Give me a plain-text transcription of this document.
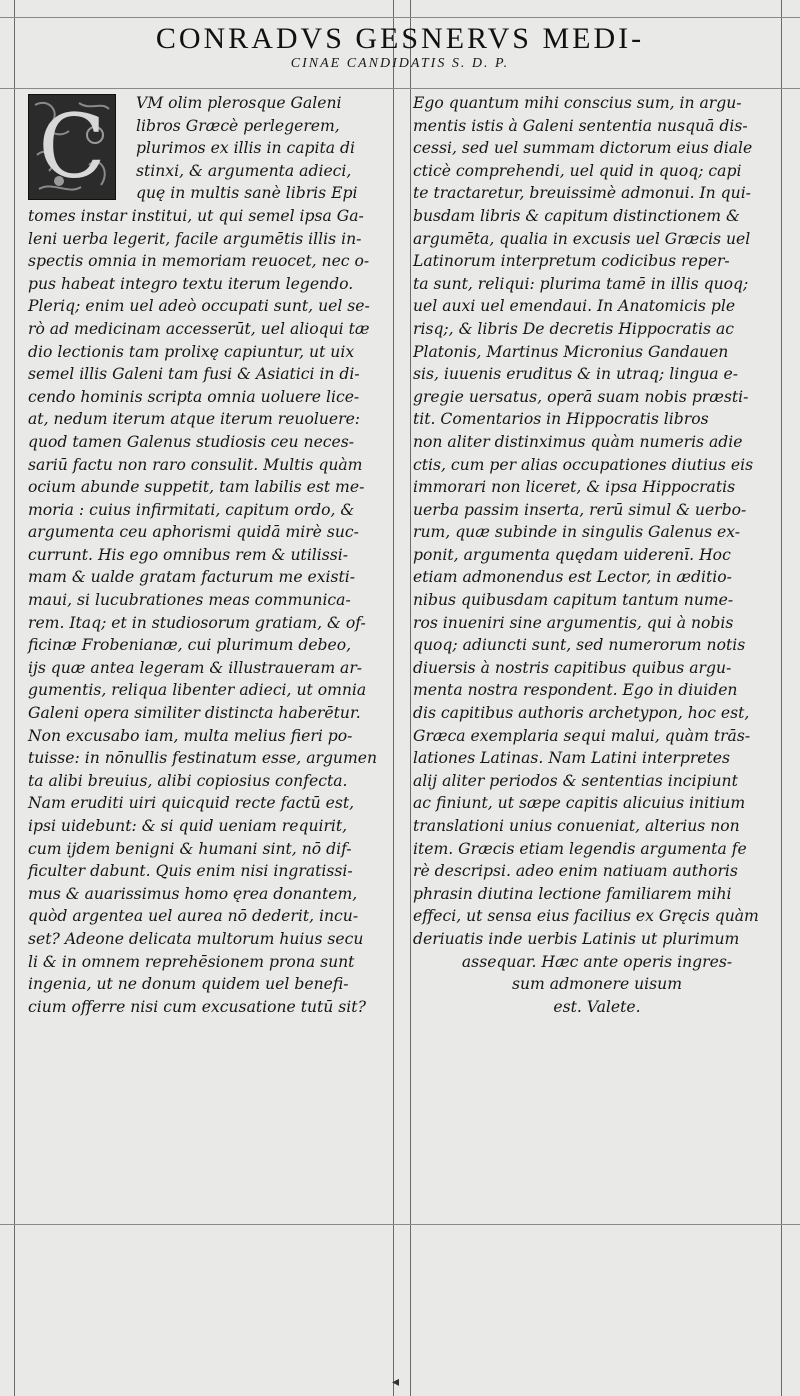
CONRADVS GESNERVS MEDI-
CINAE CANDIDATIS S. D. P.
C	VM olim plerosque Galeni
libros Græcè perlegerem,
plurimos ex illis in capita di
stinxi, & argumenta adieci,
quę in multis sanè libris Epi
tomes instar institui, ut qui semel ipsa Ga-
leni uerba legerit, facile argumētis illis in-
spectis omnia in memoriam reuocet, nec o-
pus habeat integro textu iterum legendo.
Pleriq; enim uel adeò occupati sunt, uel se-
rò ad medicinam accesserūt, uel alioqui tæ
dio lectionis tam prolixę capiuntur, ut uix
semel illis Galeni tam fusi & Asiatici in di-
cendo hominis scripta omnia uoluere lice-
at, nedum iterum atque iterum reuoluere:
quod tamen Galenus studiosis ceu neces-
sariū factu non raro consulit. Multis quàm
ocium abunde suppetit, tam labilis est me-
moria : cuius infirmitati, capitum ordo, &
argumenta ceu aphorismi quidā mirè suc-
currunt. His ego omnibus rem & utilissi-
mam & ualde gratam facturum me existi-
maui, si lucubrationes meas communica-
rem. Itaq; et in studiosorum gratiam, & of-
ficinæ Frobenianæ, cui plurimum debeo,
ijs quæ antea legeram & illustraueram ar-
gumentis, reliqua libenter adieci, ut omnia
Galeni opera similiter distincta haberētur.
Non excusabo iam, multa melius fieri po-
tuisse: in nōnullis festinatum esse, argumen
ta alibi breuius, alibi copiosius confecta.
Nam eruditi uiri quicquid recte factū est,
ipsi uidebunt: & si quid ueniam requirit,
cum ijdem benigni & humani sint, nō dif-
ficulter dabunt. Quis enim nisi ingratissi-
mus & auarissimus homo ęrea donantem,
quòd argentea uel aurea nō dederit, incu-
set? Adeone delicata multorum huius secu
li & in omnem reprehēsionem prona sunt
ingenia, ut ne donum quidem uel benefi-
cium offerre nisi cum excusatione tutū sit?
Ego quantum mihi conscius sum, in argu-
mentis istis à Galeni sententia nusquā dis-
cessi, sed uel summam dictorum eius diale
cticè comprehendi, uel quid in quoq; capi
te tractaretur, breuissimè admonui. In qui-
busdam libris & capitum distinctionem &
argumēta, qualia in excusis uel Græcis uel
Latinorum interpretum codicibus reper-
ta sunt, reliqui: plurima tamē in illis quoq;
uel auxi uel emendaui. In Anatomicis ple
risq;, & libris De decretis Hippocratis ac
Platonis, Martinus Micronius Gandauen
sis, iuuenis eruditus & in utraq; lingua e-
gregie uersatus, operā suam nobis præsti-
tit. Comentarios in Hippocratis libros
non aliter distinximus quàm numeris adie
ctis, cum per alias occupationes diutius eis
immorari non liceret, & ipsa Hippocratis
uerba passim inserta, rerū simul & uerbo-
rum, quæ subinde in singulis Galenus ex-
ponit, argumenta quędam uiderenī. Hoc
etiam admonendus est Lector, in æditio-
nibus quibusdam capitum tantum nume-
ros inueniri sine argumentis, qui à nobis
quoq; adiuncti sunt, sed numerorum notis
diuersis à nostris capitibus quibus argu-
menta nostra respondent. Ego in diuiden
dis capitibus authoris archetypon, hoc est,
Græca exemplaria sequi malui, quàm trās-
lationes Latinas. Nam Latini interpretes
alij aliter periodos & sententias incipiunt
ac finiunt, ut sæpe capitis alicuius initium
translationi unius conueniat, alterius non
item. Græcis etiam legendis argumenta fe
rè descripsi. adeo enim natiuam authoris
phrasin diutina lectione familiarem mihi
effeci, ut sensa eius facilius ex Gręcis quàm
deriuatis inde uerbis Latinis ut plurimum
assequar. Hæc ante operis ingres-
sum admonere uisum
est. Valete.
◂
